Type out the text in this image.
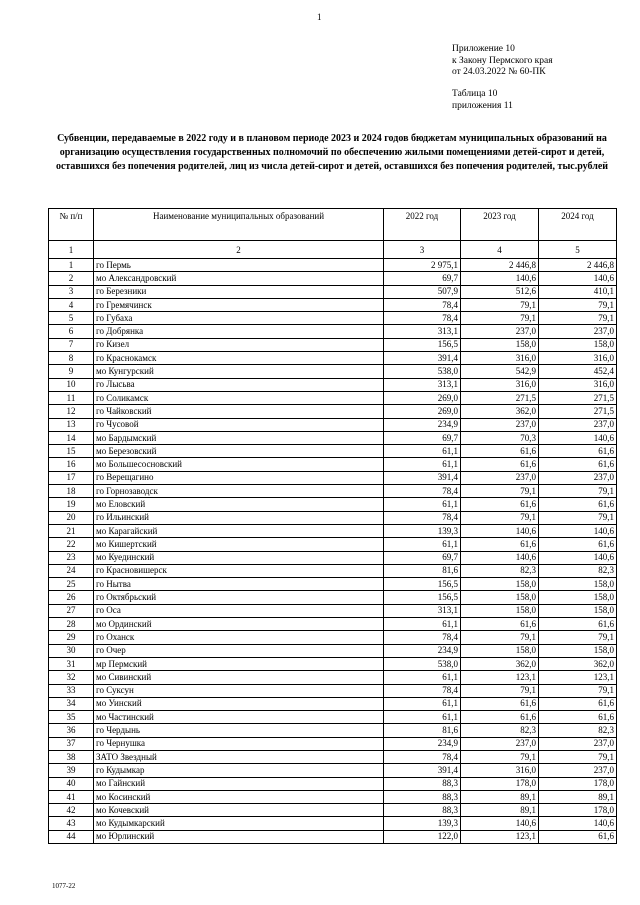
1
Приложение 10
к Закону Пермского края
от 24.03.2022 № 60-ПК
Таблица 10
приложения 11
Субвенции, передаваемые в 2022 году и в плановом периоде 2023 и 2024 годов бюджетам муниципальных образований на организацию осуществления государственных полномочий по обеспечению жилыми помещениями детей-сирот и детей, оставшихся без попечения родителей, лиц из числа детей-сирот и детей, оставшихся без попечения родителей, тыс.рублей
№ п/п	Наименование муниципальных образований	2022 год	2023 год	2024 год
1	2	3	4	5
1	го Пермь	2 975,1	2 446,8	2 446,8
2	мо Александровский	69,7	140,6	140,6
3	го Березники	507,9	512,6	410,1
4	го Гремячинск	78,4	79,1	79,1
5	го Губаха	78,4	79,1	79,1
6	го Добрянка	313,1	237,0	237,0
7	го Кизел	156,5	158,0	158,0
8	го Краснокамск	391,4	316,0	316,0
9	мо Кунгурский	538,0	542,9	452,4
10	го Лысьва	313,1	316,0	316,0
11	го Соликамск	269,0	271,5	271,5
12	го Чайковский	269,0	362,0	271,5
13	го Чусовой	234,9	237,0	237,0
14	мо Бардымский	69,7	70,3	140,6
15	мо Березовский	61,1	61,6	61,6
16	мо Большесосновский	61,1	61,6	61,6
17	го Верещагино	391,4	237,0	237,0
18	го Горнозаводск	78,4	79,1	79,1
19	мо Еловский	61,1	61,6	61,6
20	го Ильинский	78,4	79,1	79,1
21	мо Карагайский	139,3	140,6	140,6
22	мо Кишертский	61,1	61,6	61,6
23	мо Куединский	69,7	140,6	140,6
24	го Красновишерск	81,6	82,3	82,3
25	го Нытва	156,5	158,0	158,0
26	го Октябрьский	156,5	158,0	158,0
27	го Оса	313,1	158,0	158,0
28	мо Ординский	61,1	61,6	61,6
29	го Оханск	78,4	79,1	79,1
30	го Очер	234,9	158,0	158,0
31	мр Пермский	538,0	362,0	362,0
32	мо Сивинский	61,1	123,1	123,1
33	го Суксун	78,4	79,1	79,1
34	мо Уинский	61,1	61,6	61,6
35	мо Частинский	61,1	61,6	61,6
36	го Чердынь	81,6	82,3	82,3
37	го Чернушка	234,9	237,0	237,0
38	ЗАТО Звездный	78,4	79,1	79,1
39	го Кудымкар	391,4	316,0	237,0
40	мо Гайнский	88,3	178,0	178,0
41	мо Косинский	88,3	89,1	89,1
42	мо Кочевский	88,3	89,1	178,0
43	мо Кудымкарский	139,3	140,6	140,6
44	мо Юрлинский	122,0	123,1	61,6
1077-22
